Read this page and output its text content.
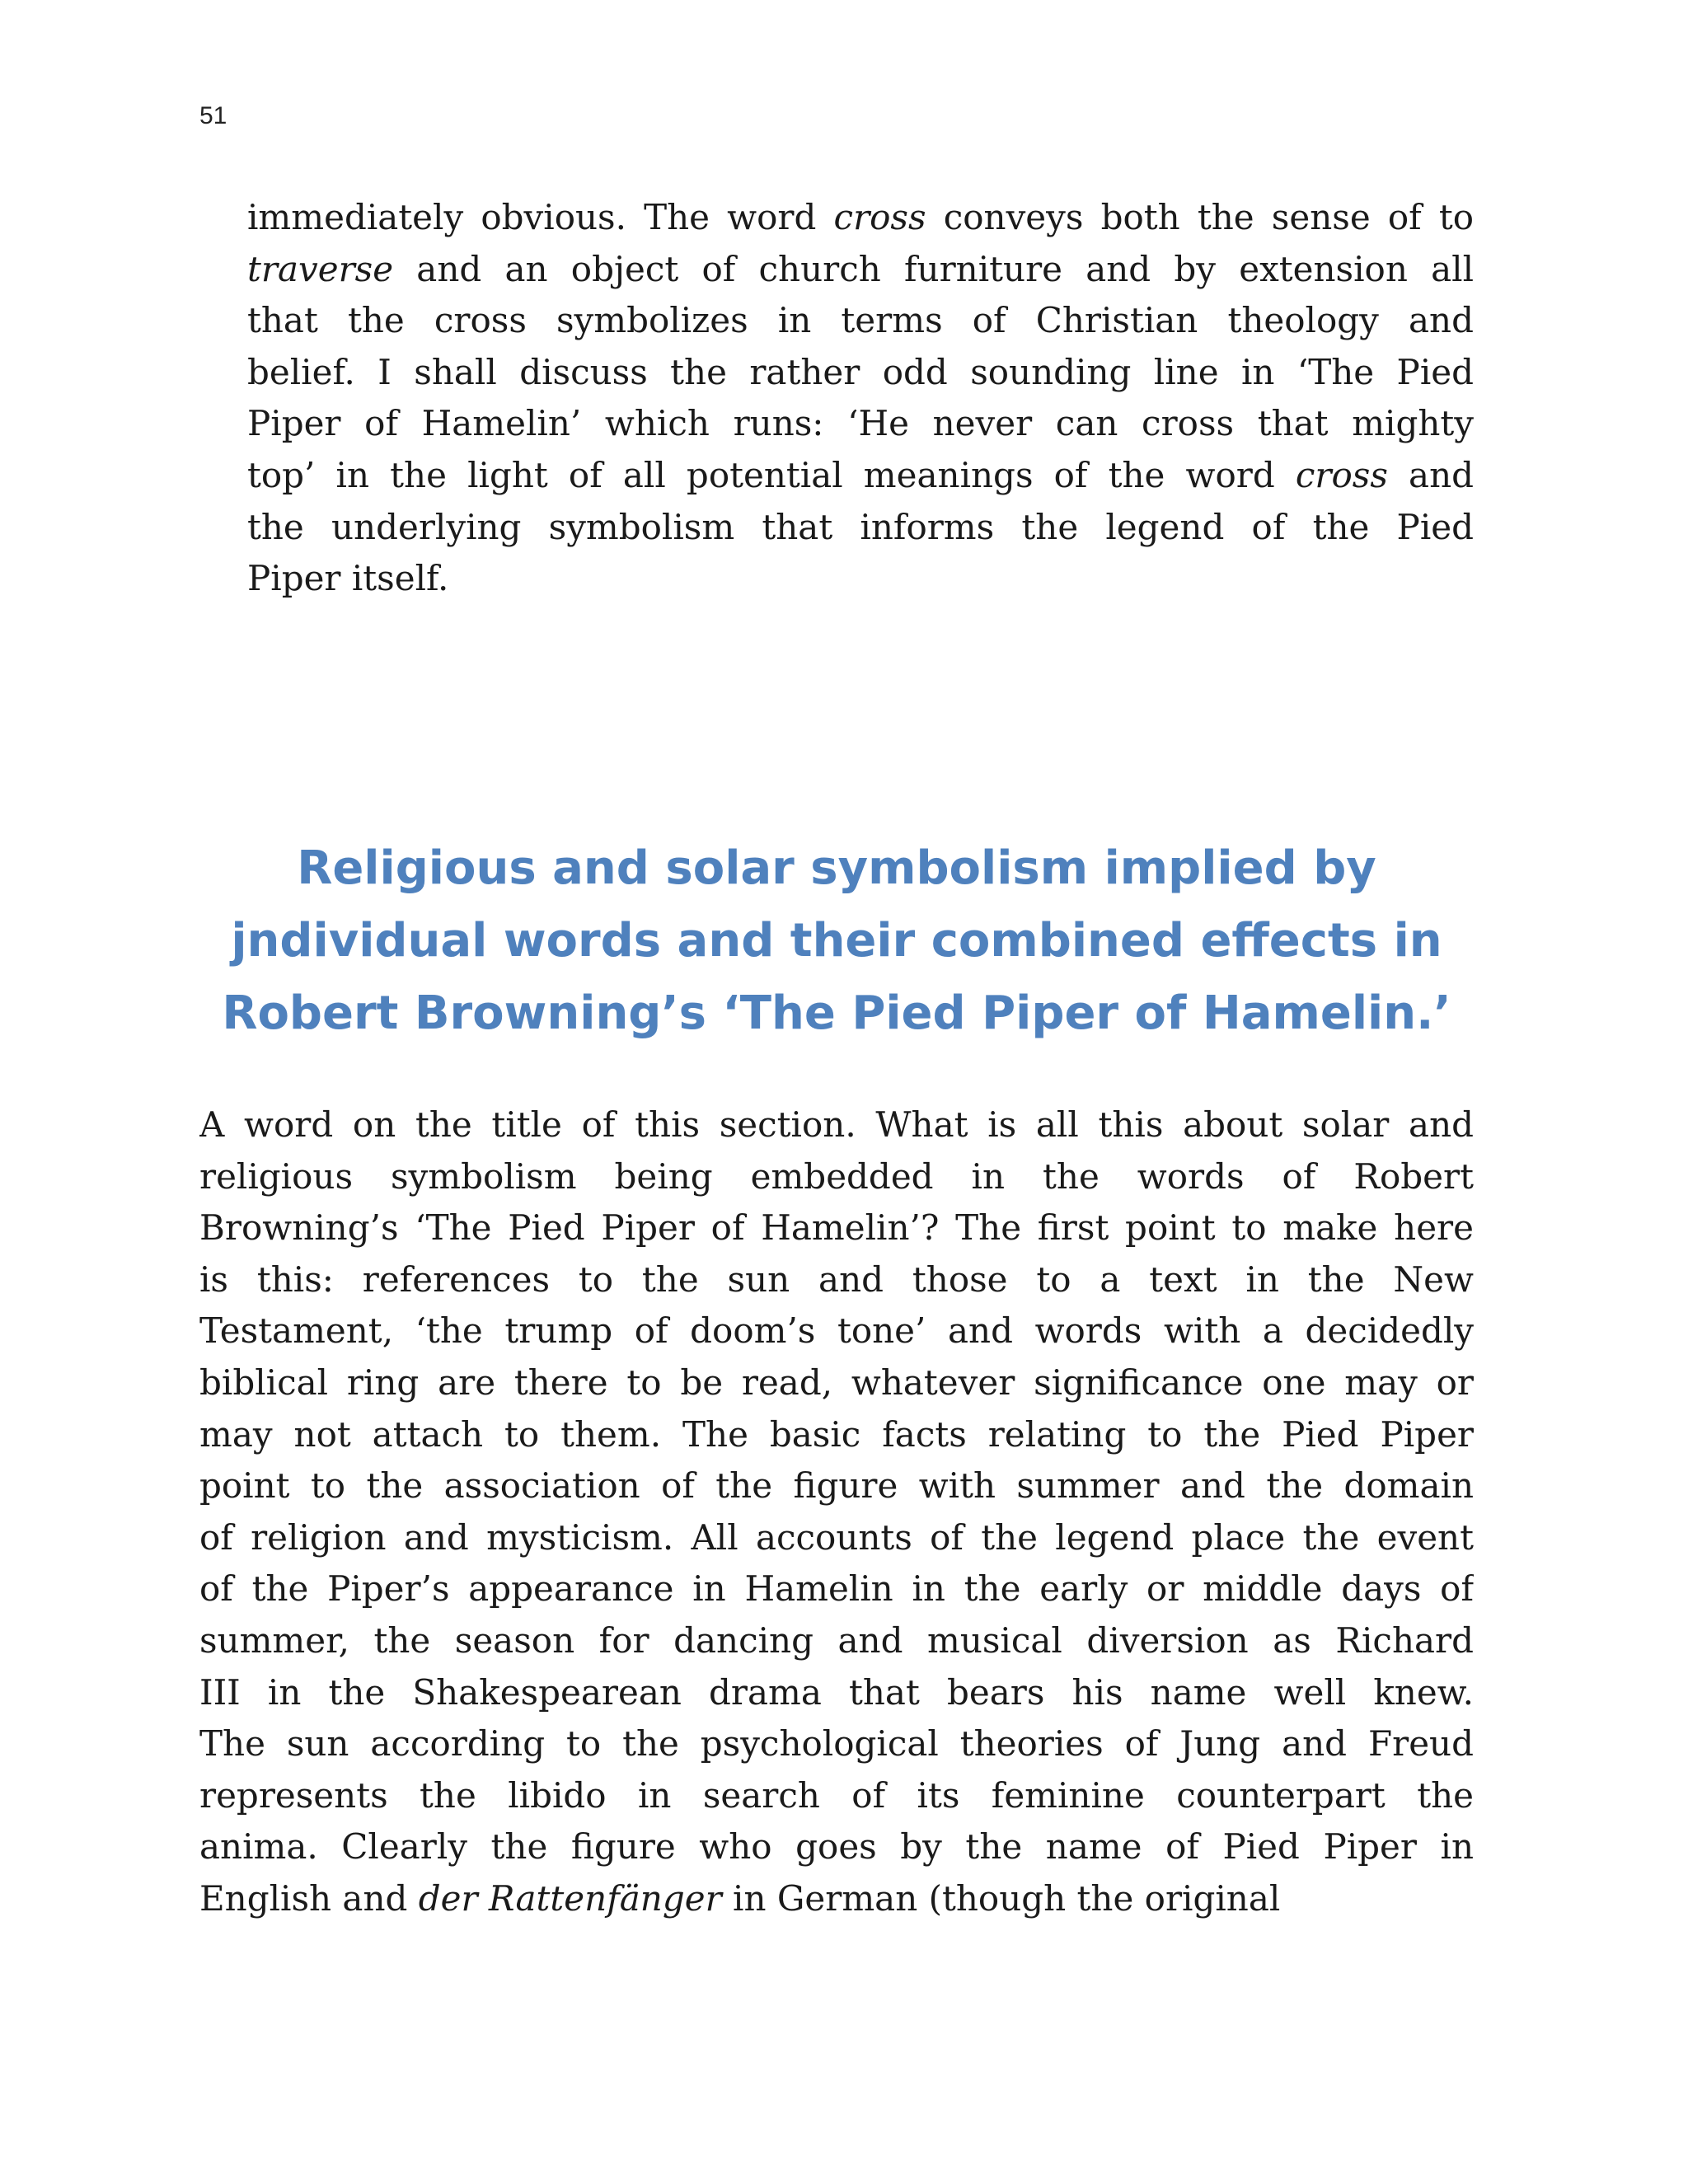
51
immediately obvious. The word cross conveys both the sense of to
traverse and an object of church furniture and by extension all
that the cross symbolizes in terms of Christian theology and
belief. I shall discuss the rather odd sounding line in ‘The Pied
Piper of Hamelin’ which runs: ‘He never can cross that mighty
top’ in the light of all potential meanings of the word cross and
the underlying symbolism that informs the legend of the Pied
Piper itself.
Religious and solar symbolism implied by
jndividual words and their combined effects in
Robert Browning’s ‘The Pied Piper of Hamelin.’
A word on the title of this section. What is all this about solar and
religious symbolism being embedded in the words of Robert
Browning’s ‘The Pied Piper of Hamelin’? The first point to make here
is this: references to the sun and those to a text in the New
Testament, ‘the trump of doom’s tone’ and words with a decidedly
biblical ring are there to be read, whatever significance one may or
may not attach to them. The basic facts relating to the Pied Piper
point to the association of the figure with summer and the domain
of religion and mysticism. All accounts of the legend place the event
of the Piper’s appearance in Hamelin in the early or middle days of
summer, the season for dancing and musical diversion as Richard
III in the Shakespearean drama that bears his name well knew.
The sun according to the psychological theories of Jung and Freud
represents the libido in search of its feminine counterpart the
anima. Clearly the figure who goes by the name of Pied Piper in
English and der Rattenfänger in German (though the original
